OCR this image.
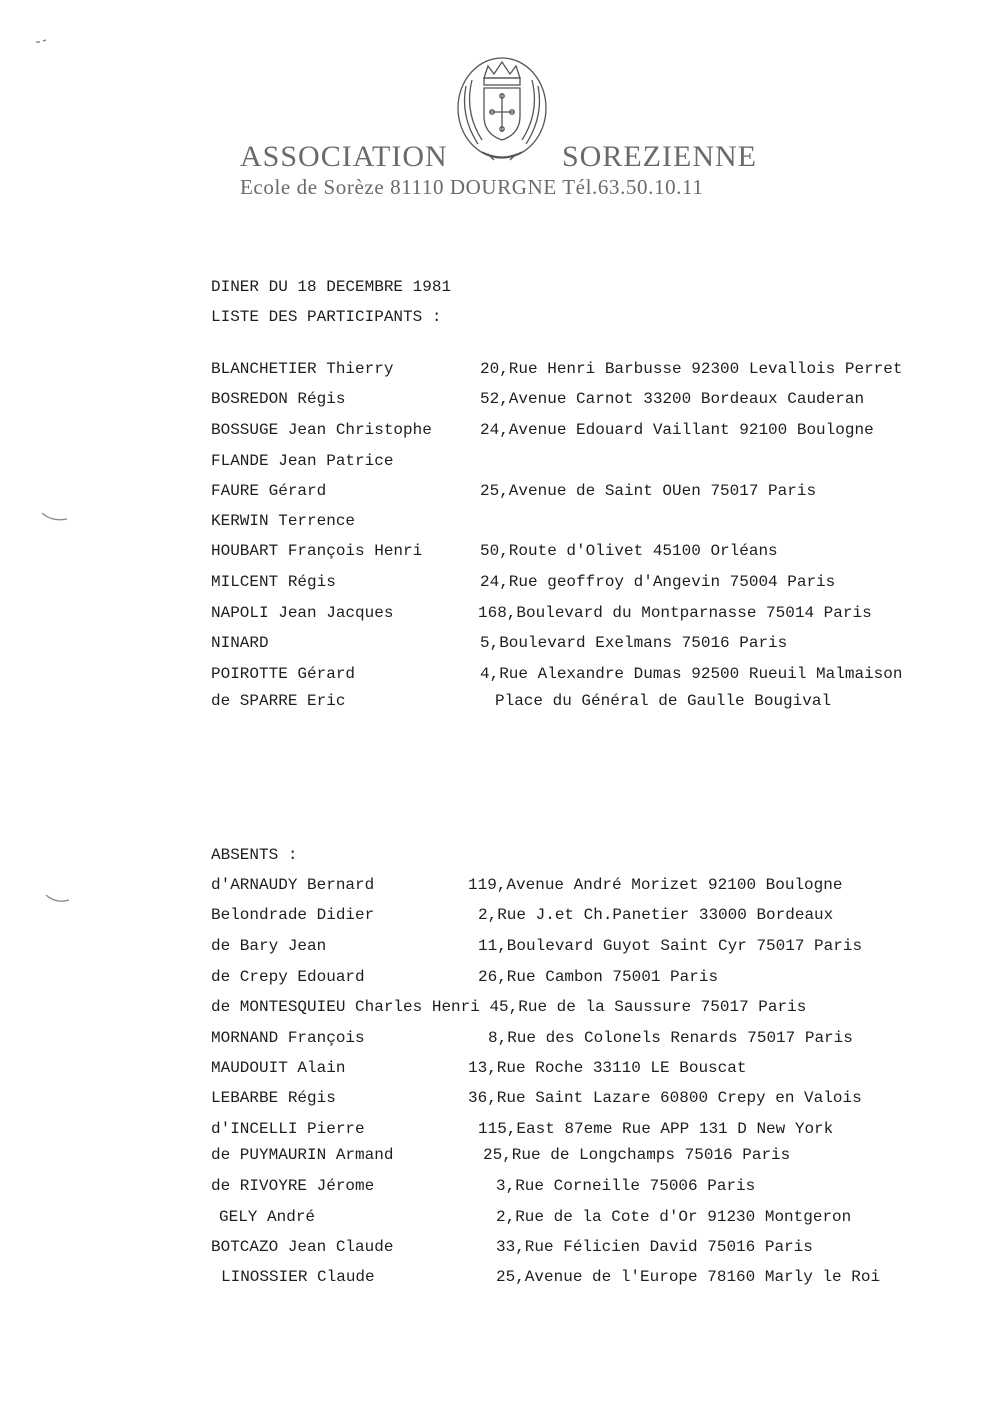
ASSOCIATION	SOREZIENNE
Ecole de Sorèze 81110 DOURGNE Tél.63.50.10.11
DINER DU 18 DECEMBRE 1981
LISTE DES PARTICIPANTS :
BLANCHETIER Thierry	20,Rue Henri Barbusse 92300 Levallois Perret
BOSREDON Régis	52,Avenue Carnot 33200 Bordeaux Cauderan
BOSSUGE Jean Christophe	24,Avenue Edouard Vaillant 92100 Boulogne
FLANDE Jean Patrice
FAURE Gérard	25,Avenue de Saint OUen 75017 Paris
KERWIN Terrence
HOUBART François Henri	50,Route d'Olivet 45100 Orléans
MILCENT Régis	24,Rue geoffroy d'Angevin 75004 Paris
NAPOLI Jean Jacques	168,Boulevard du Montparnasse 75014 Paris
NINARD	5,Boulevard Exelmans 75016 Paris
POIROTTE Gérard	4,Rue Alexandre Dumas 92500 Rueuil Malmaison
de SPARRE Eric	Place du Général de Gaulle Bougival
ABSENTS :
d'ARNAUDY Bernard	119,Avenue André Morizet 92100 Boulogne
Belondrade Didier	2,Rue J.et Ch.Panetier 33000 Bordeaux
de Bary Jean	11,Boulevard Guyot Saint Cyr 75017 Paris
de Crepy Edouard	26,Rue Cambon 75001 Paris
de MONTESQUIEU Charles Henri 45,Rue de la Saussure 75017 Paris
MORNAND François	8,Rue des Colonels Renards 75017 Paris
MAUDOUIT Alain	13,Rue Roche 33110 LE Bouscat
LEBARBE Régis	36,Rue Saint Lazare 60800 Crepy en Valois
d'INCELLI Pierre	115,East 87eme Rue APP 131 D New York
de PUYMAURIN Armand	25,Rue de Longchamps 75016 Paris
de RIVOYRE Jérome	3,Rue Corneille 75006 Paris
GELY André	2,Rue de la Cote d'Or 91230 Montgeron
BOTCAZO Jean Claude	33,Rue Félicien David 75016 Paris
LINOSSIER Claude	25,Avenue de l'Europe 78160 Marly le Roi
